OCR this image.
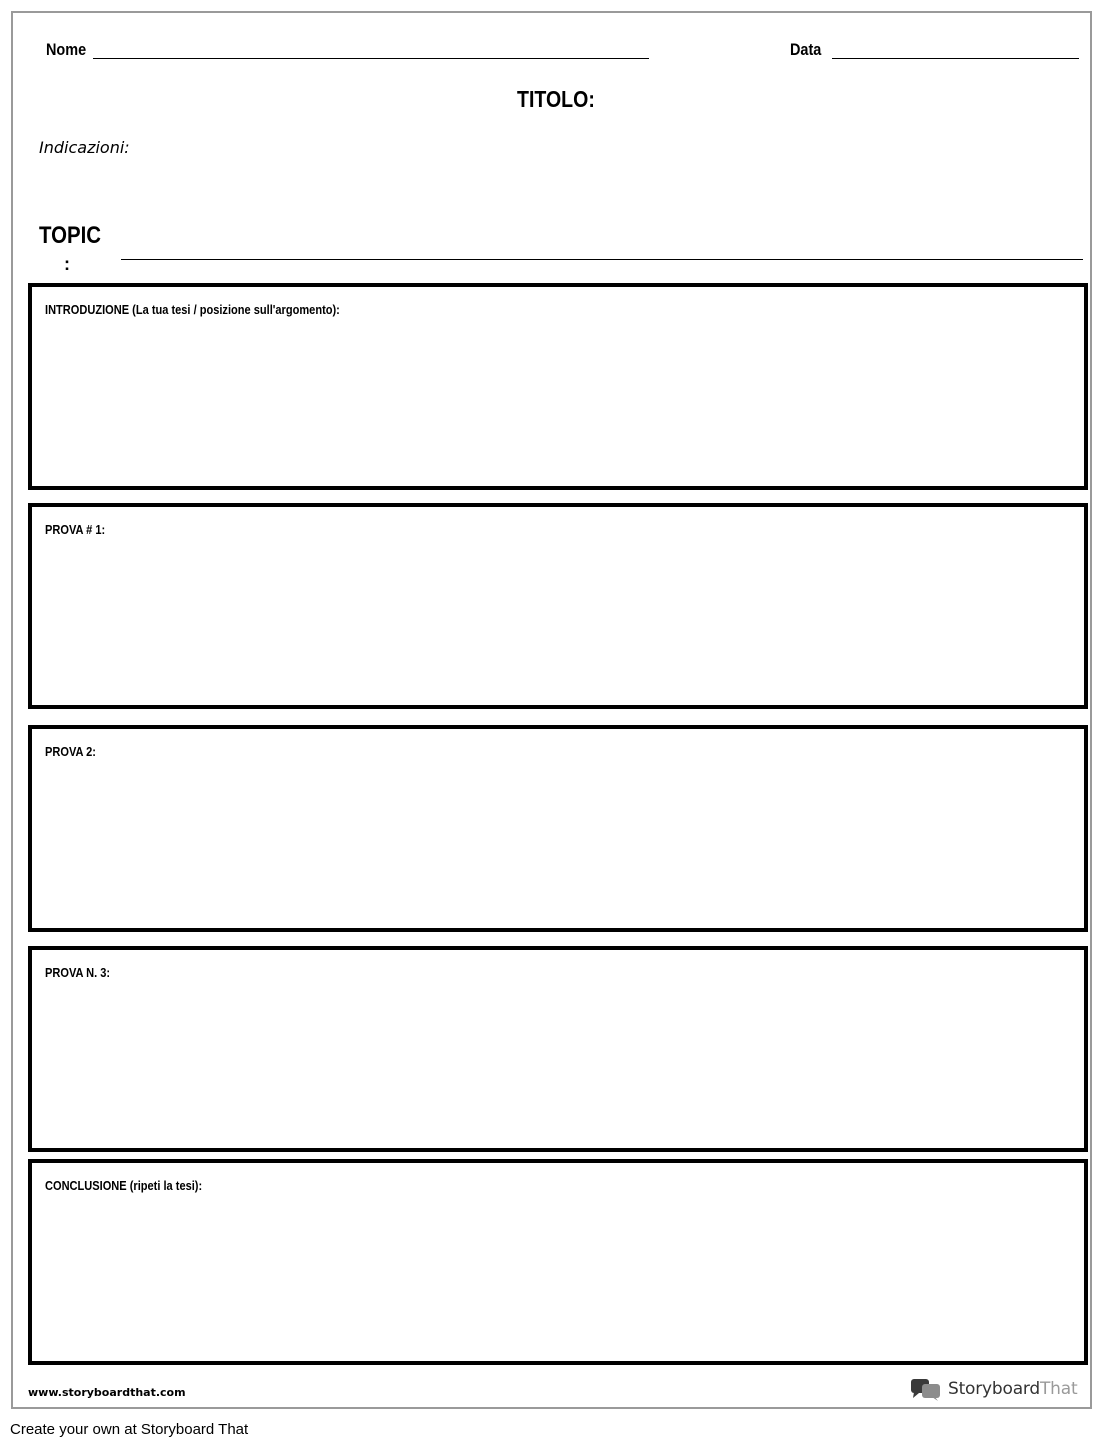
Nome	Data
TITOLO:
Indicazioni:
TOPIC
:
INTRODUZIONE (La tua tesi / posizione sull'argomento):
PROVA # 1:
PROVA 2:
PROVA N. 3:
CONCLUSIONE (ripeti la tesi):
www.storyboardthat.com	StoryboardThat
Create your own at Storyboard That
